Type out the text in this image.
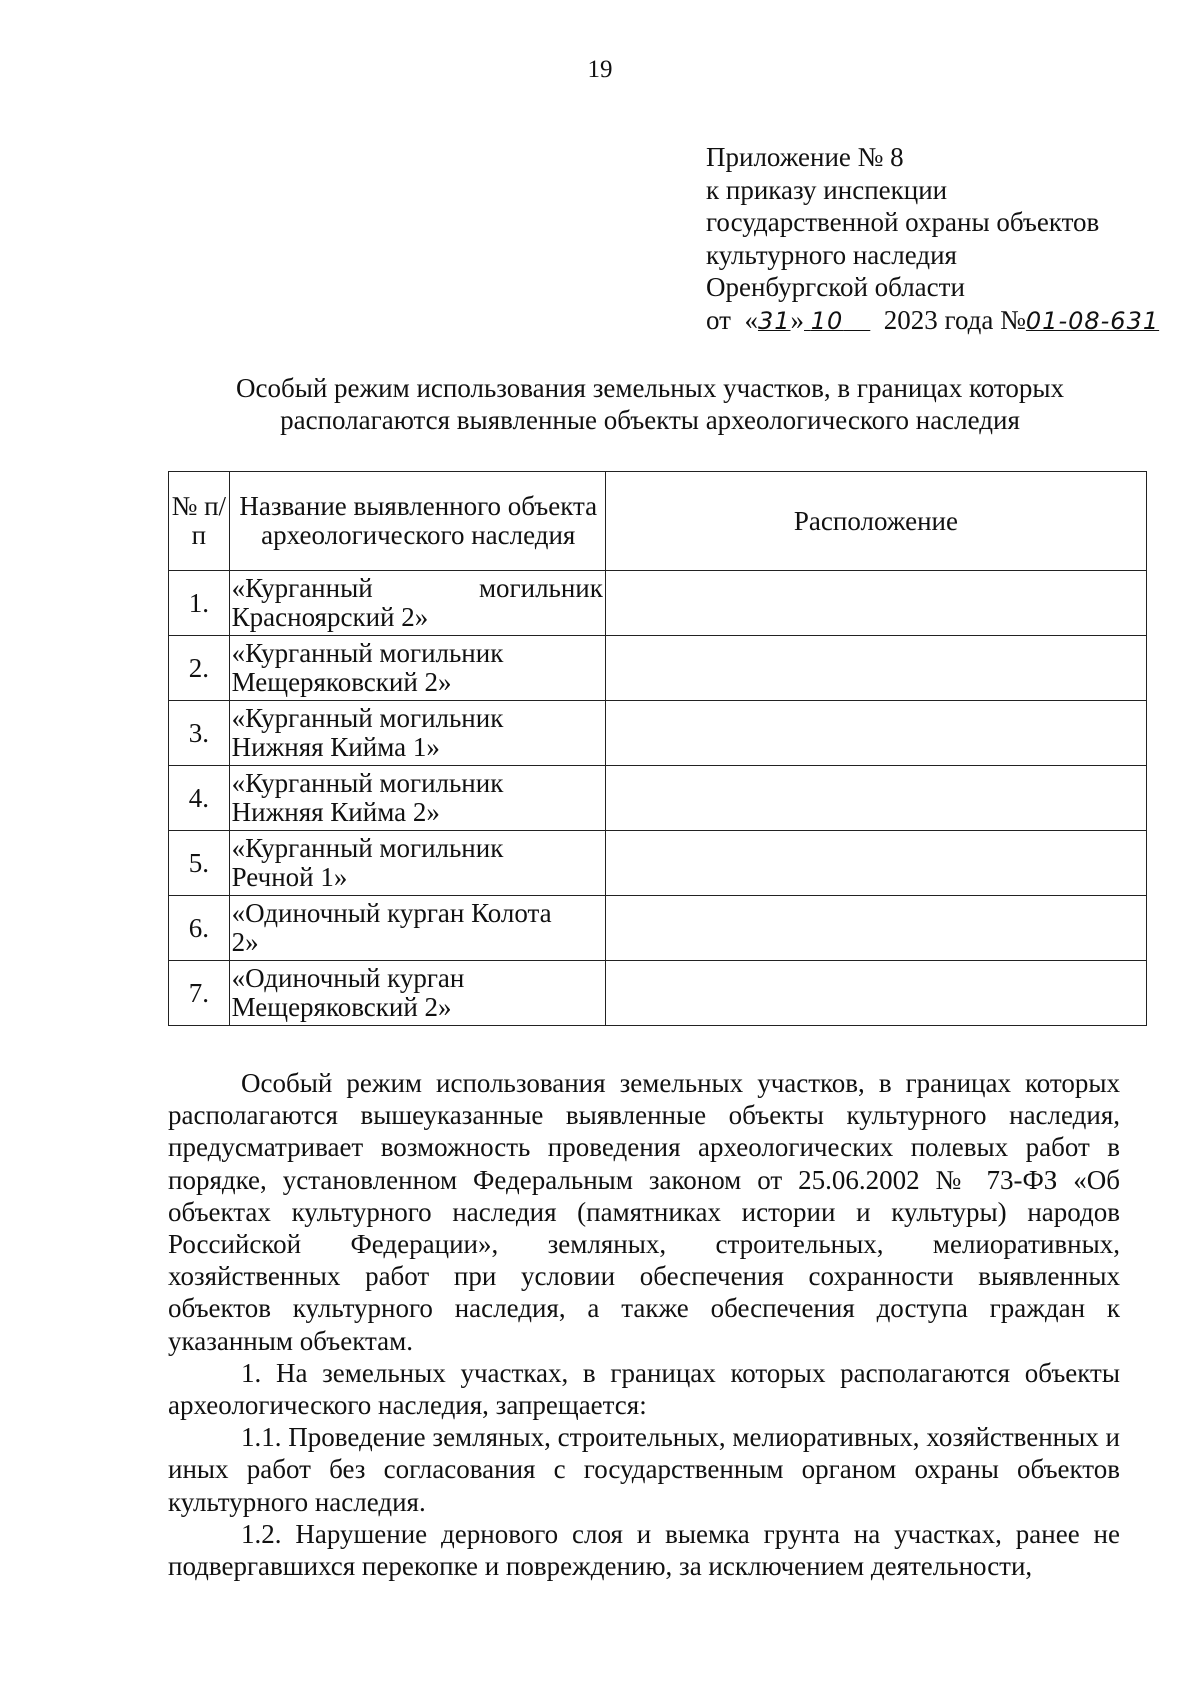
19
Приложение № 8
к приказу инспекции
государственной охраны объектов
культурного наследия
Оренбургской области
от «31» 10 2023 года №01-08-631
Особый режим использования земельных участков, в границах которых
располагаются выявленные объекты археологического наследия
№ п/п	Название выявленного объекта археологического наследия	Расположение
1.	«Курганный могильник
Красноярский 2»	
2.	«Курганный могильник
Мещеряковский 2»	

3.	«Курганный могильник
Нижняя Кийма 1»	

4.	«Курганный могильник
Нижняя Кийма 2»	

5.	«Курганный могильник
Речной 1»	

6.	«Одиночный курган Колота
2»	

7.	«Одиночный курган
Мещеряковский 2»	

Особый режим использования земельных участков, в границах которых располагаются вышеуказанные выявленные объекты культурного наследия, предусматривает возможность проведения археологических полевых работ в порядке, установленном Федеральным законом от 25.06.2002 № 73-ФЗ «Об объектах культурного наследия (памятниках истории и культуры) народов Российской Федерации», земляных, строительных, мелиоративных, хозяйственных работ при условии обеспечения сохранности выявленных объектов культурного наследия, а также обеспечения доступа граждан к указанным объектам.

1. На земельных участках, в границах которых располагаются объекты археологического наследия, запрещается:

1.1. Проведение земляных, строительных, мелиоративных, хозяйственных и иных работ без согласования с государственным органом охраны объектов культурного наследия.

1.2. Нарушение дернового слоя и выемка грунта на участках, ранее не подвергавшихся перекопке и повреждению, за исключением деятельности,
